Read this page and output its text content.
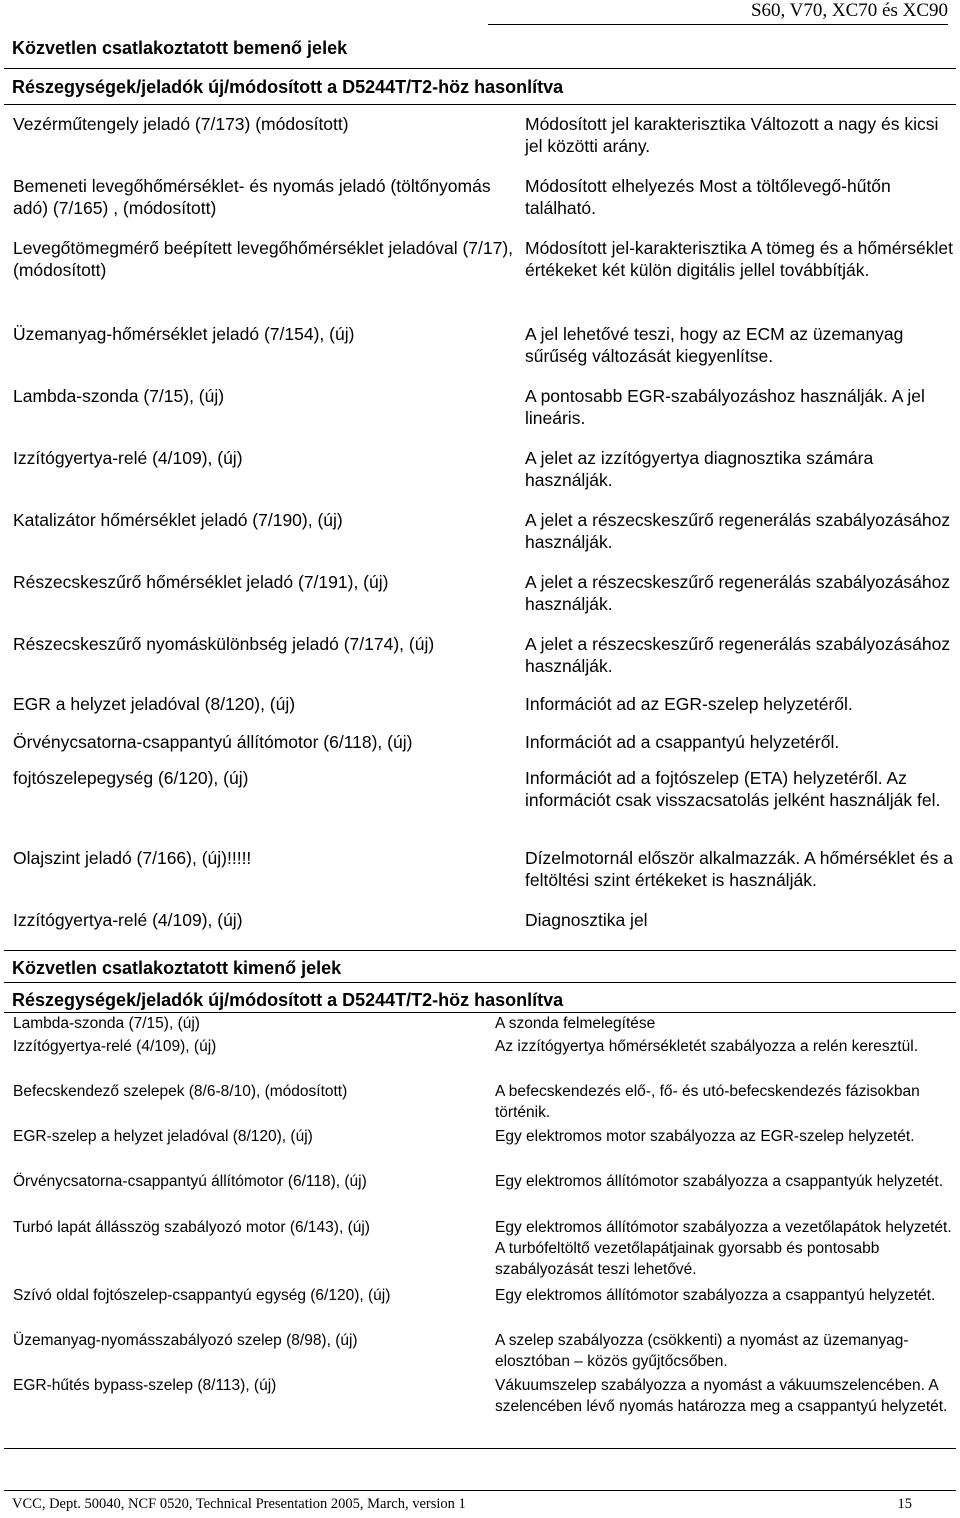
S60, V70, XC70 és XC90
Közvetlen csatlakoztatott bemenő jelek
Részegységek/jeladók új/módosított a D5244T/T2-höz hasonlítva
Vezérműtengely jeladó (7/173) (módosított)	Módosított jel karakterisztika Változott a nagy és kicsi jel közötti arány.
Bemeneti levegőhőmérséklet- és nyomás jeladó (töltőnyomás adó) (7/165) , (módosított)	Módosított elhelyezés Most a töltőlevegő-hűtőn található.
Levegőtömegmérő beépített levegőhőmérséklet jeladóval (7/17), (módosított)	Módosított jel-karakterisztika A tömeg és a hőmérséklet értékeket két külön digitális jellel továbbítják.
Üzemanyag-hőmérséklet jeladó (7/154), (új)	A jel lehetővé teszi, hogy az ECM az üzemanyag sűrűség változását kiegyenlítse.
Lambda-szonda (7/15), (új)	A pontosabb EGR-szabályozáshoz használják. A jel lineáris.
Izzítógyertya-relé (4/109), (új)	A jelet az izzítógyertya diagnosztika számára használják.
Katalizátor hőmérséklet jeladó (7/190), (új)	A jelet a részecskeszűrő regenerálás szabályozásához használják.
Részecskeszűrő hőmérséklet jeladó (7/191), (új)	A jelet a részecskeszűrő regenerálás szabályozásához használják.
Részecskeszűrő nyomáskülönbség jeladó (7/174), (új)	A jelet a részecskeszűrő regenerálás szabályozásához használják.
EGR a helyzet jeladóval (8/120), (új)	Információt ad az EGR-szelep helyzetéről.
Örvénycsatorna-csappantyú állítómotor (6/118), (új)	Információt ad a csappantyú helyzetéről.
fojtószelepegység (6/120), (új)	Információt ad a fojtószelep (ETA) helyzetéről. Az információt csak visszacsatolás jelként használják fel.
Olajszint jeladó (7/166), (új)!!!!!	Dízelmotornál először alkalmazzák. A hőmérséklet és a feltöltési szint értékeket is használják.
Izzítógyertya-relé (4/109), (új)	Diagnosztika jel
Közvetlen csatlakoztatott kimenő jelek
Részegységek/jeladók új/módosított a D5244T/T2-höz hasonlítva
Lambda-szonda (7/15), (új)	A szonda felmelegítése
Izzítógyertya-relé (4/109), (új)	Az izzítógyertya hőmérsékletét szabályozza a relén keresztül.
Befecskendező szelepek (8/6-8/10), (módosított)	A befecskendezés elő-, fő- és utó-befecskendezés fázisokban történik.
EGR-szelep a helyzet jeladóval (8/120), (új)	Egy elektromos motor szabályozza az EGR-szelep helyzetét.
Örvénycsatorna-csappantyú állítómotor (6/118), (új)	Egy elektromos állítómotor szabályozza a csappantyúk helyzetét.
Turbó lapát állásszög szabályozó motor (6/143), (új)	Egy elektromos állítómotor szabályozza a vezetőlapátok helyzetét. A turbófeltöltő vezetőlapátjainak gyorsabb és pontosabb szabályozását teszi lehetővé.
Szívó oldal fojtószelep-csappantyú egység (6/120), (új)	Egy elektromos állítómotor szabályozza a csappantyú helyzetét.
Üzemanyag-nyomásszabályozó szelep (8/98), (új)	A szelep szabályozza (csökkenti) a nyomást az üzemanyag-elosztóban – közös gyűjtőcsőben.
EGR-hűtés bypass-szelep (8/113), (új)	Vákuumszelep szabályozza a nyomást a vákuumszelencében. A szelencében lévő nyomás határozza meg a csappantyú helyzetét.
VCC, Dept. 50040, NCF 0520, Technical Presentation 2005, March, version 1	15
